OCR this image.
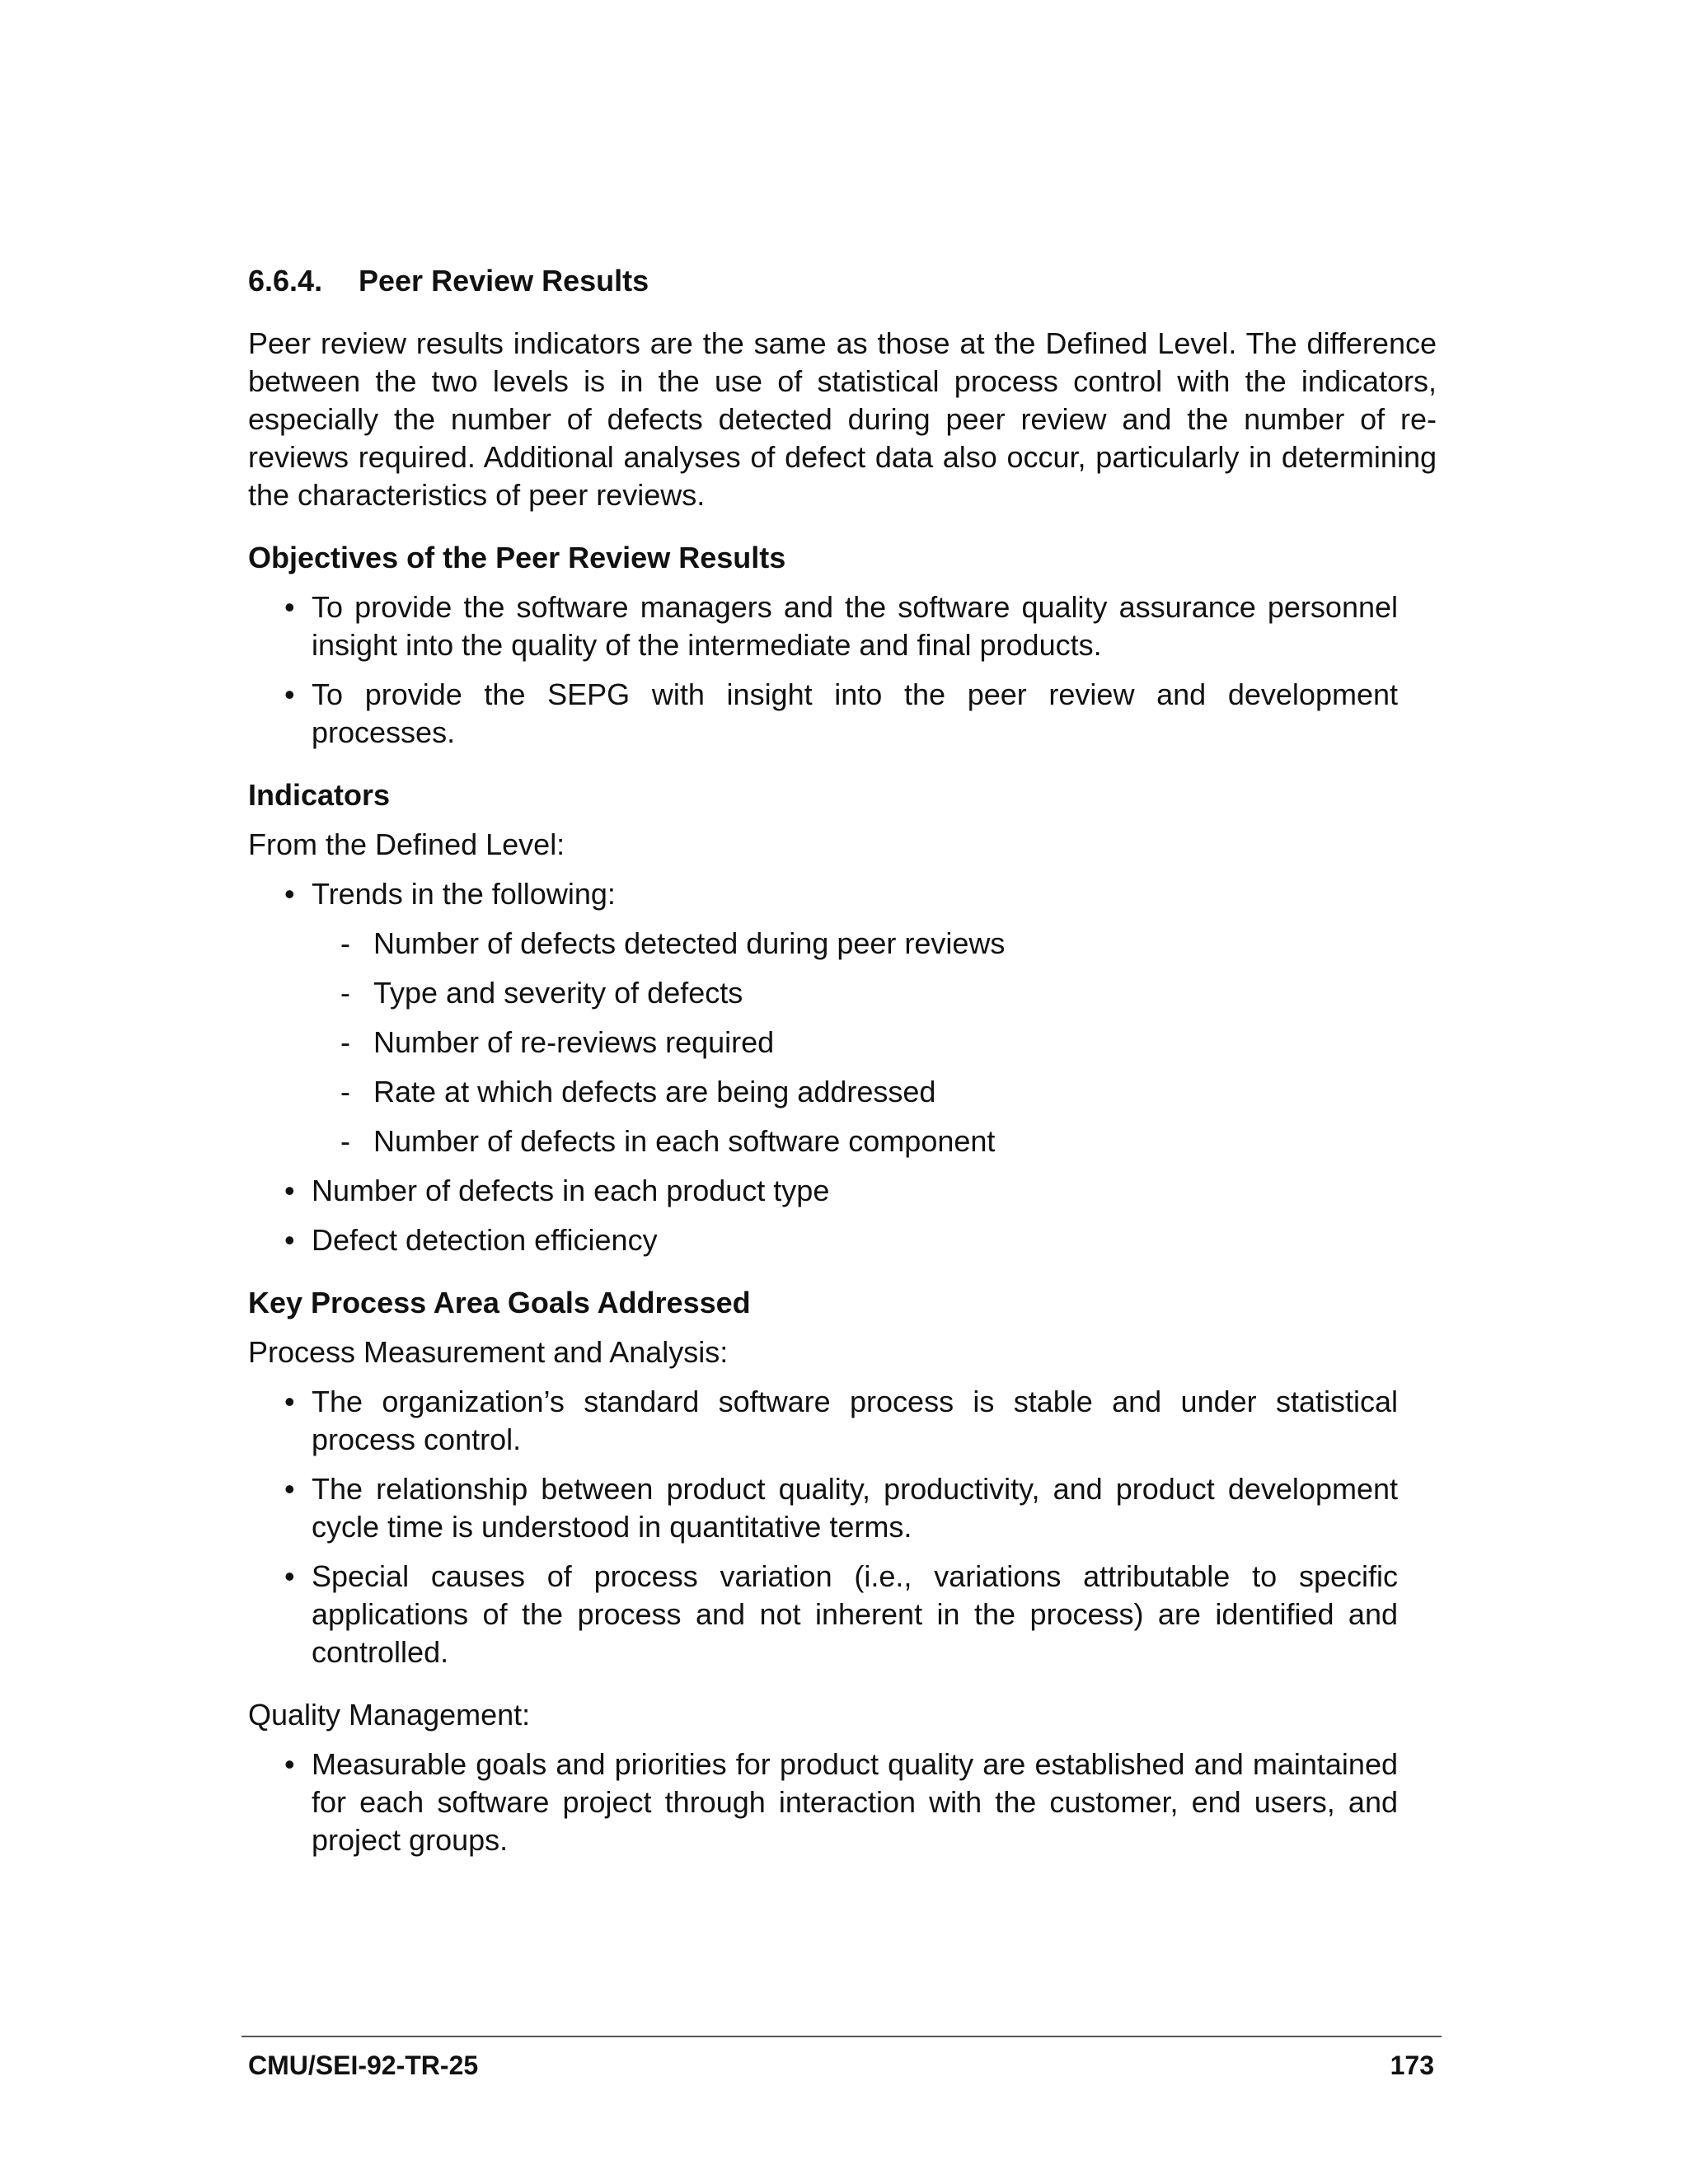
6.6.4. Peer Review Results

Peer review results indicators are the same as those at the Defined Level. The difference between the two levels is in the use of statistical process control with the indicators, especially the number of defects detected during peer review and the number of re-reviews required. Additional analyses of defect data also occur, particularly in determining the characteristics of peer reviews.

Objectives of the Peer Review Results
• To provide the software managers and the software quality assurance personnel insight into the quality of the intermediate and final products.
• To provide the SEPG with insight into the peer review and development processes.
Indicators
From the Defined Level:
• Trends in the following:
- Number of defects detected during peer reviews
- Type and severity of defects
- Number of re-reviews required
- Rate at which defects are being addressed
- Number of defects in each software component
• Number of defects in each product type
• Defect detection efficiency
Key Process Area Goals Addressed
Process Measurement and Analysis:
• The organization’s standard software process is stable and under statistical process control.
• The relationship between product quality, productivity, and product development cycle time is understood in quantitative terms.
• Special causes of process variation (i.e., variations attributable to specific applications of the process and not inherent in the process) are identified and controlled.
Quality Management:
• Measurable goals and priorities for product quality are established and maintained for each software project through interaction with the customer, end users, and project groups.
CMU/SEI-92-TR-25	173
